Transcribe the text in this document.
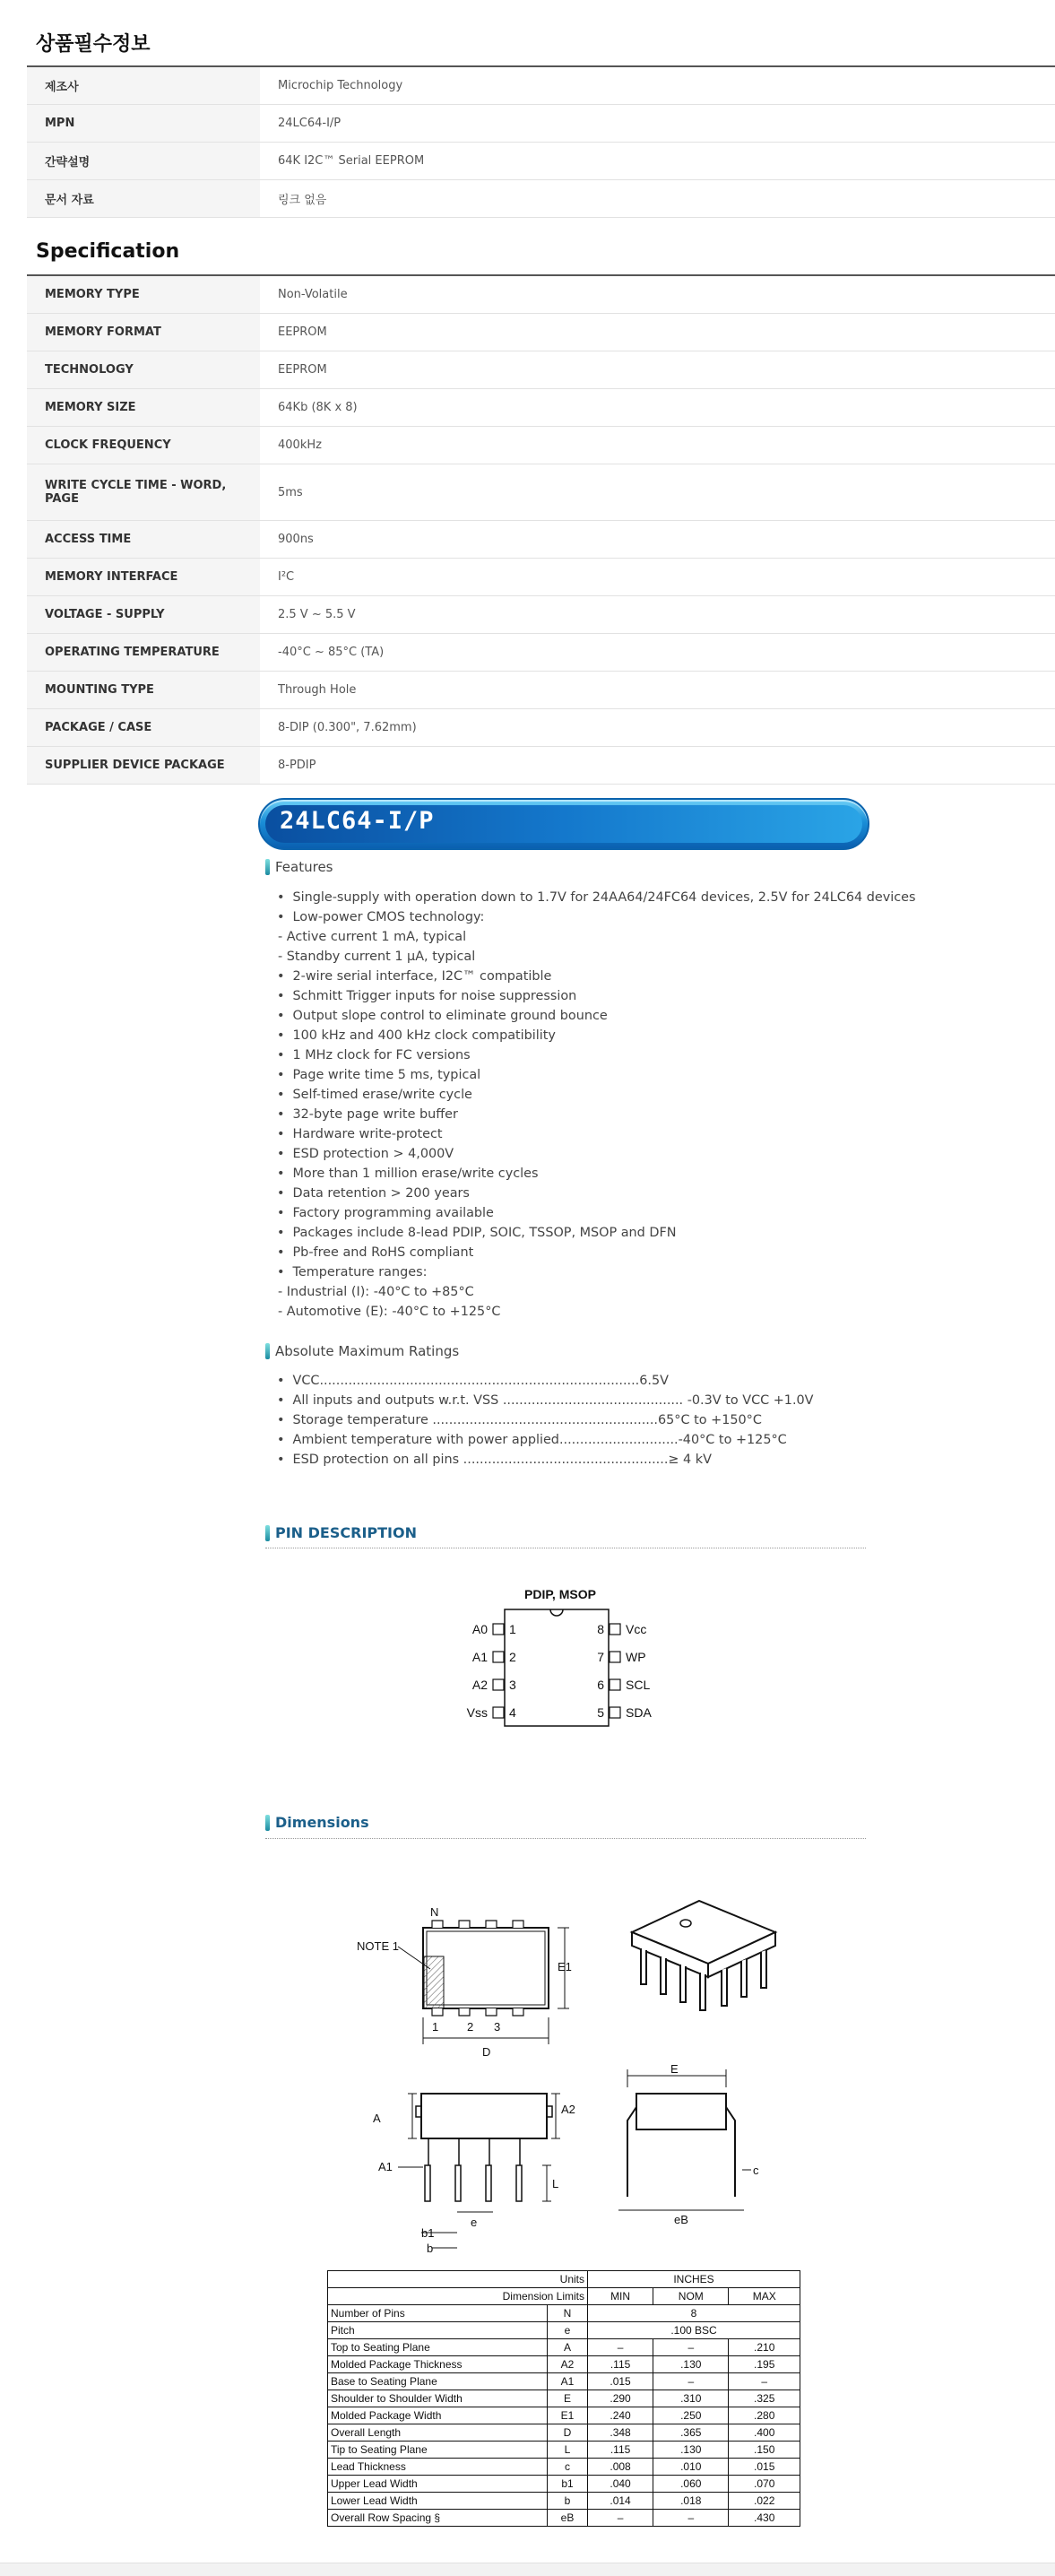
상품필수정보
제조사	Microchip Technology
MPN	24LC64-I/P
간략설명	64K I2C™ Serial EEPROM
문서 자료	링크 없음
Specification
MEMORY TYPE	Non-Volatile
MEMORY FORMAT	EEPROM
TECHNOLOGY	EEPROM
MEMORY SIZE	64Kb (8K x 8)
CLOCK FREQUENCY	400kHz
WRITE CYCLE TIME - WORD, PAGE	5ms
ACCESS TIME	900ns
MEMORY INTERFACE	I²C
VOLTAGE - SUPPLY	2.5 V ~ 5.5 V
OPERATING TEMPERATURE	-40°C ~ 85°C (TA)
MOUNTING TYPE	Through Hole
PACKAGE / CASE	8-DIP (0.300", 7.62mm)
SUPPLIER DEVICE PACKAGE	8-PDIP
24LC64-I/P
Features
• Single-supply with operation down to 1.7V for 24AA64/24FC64 devices, 2.5V for 24LC64 devices
• Low-power CMOS technology:
- Active current 1 mA, typical
- Standby current 1 μA, typical
• 2-wire serial interface, I2C™ compatible
• Schmitt Trigger inputs for noise suppression
• Output slope control to eliminate ground bounce
• 100 kHz and 400 kHz clock compatibility
• 1 MHz clock for FC versions
• Page write time 5 ms, typical
• Self-timed erase/write cycle
• 32-byte page write buffer
• Hardware write-protect
• ESD protection > 4,000V
• More than 1 million erase/write cycles
• Data retention > 200 years
• Factory programming available
• Packages include 8-lead PDIP, SOIC, TSSOP, MSOP and DFN
• Pb-free and RoHS compliant
• Temperature ranges:
- Industrial (I): -40°C to +85°C
- Automotive (E): -40°C to +125°C
Absolute Maximum Ratings
• VCC..............................................................................6.5V
• All inputs and outputs w.r.t. VSS ............................................ -0.3V to VCC +1.0V
• Storage temperature .......................................................65°C to +150°C
• Ambient temperature with power applied.............................-40°C to +125°C
• ESD protection on all pins ..................................................≥ 4 kV
PIN DESCRIPTION
PDIP, MSOP
A0 1
A1 2
A2 3
Vss 4
Vcc
8
WP
7
SCL
6
SDA
5
Dimensions
N
NOTE 1
1 2 3
E1
D
A
A1
A2
L
e
b1
b
E
c
eB
Units		INCHES		
Dimension Limits		MIN	NOM	MAX
Number of Pins	N	8		
Pitch	e	.100 BSC		
Top to Seating Plane	A	–	–	.210
Molded Package Thickness	A2	.115	.130	.195
Base to Seating Plane	A1	.015	–	–
Shoulder to Shoulder Width	E	.290	.310	.325
Molded Package Width	E1	.240	.250	.280
Overall Length	D	.348	.365	.400
Tip to Seating Plane	L	.115	.130	.150
Lead Thickness	c	.008	.010	.015
Upper Lead Width	b1	.040	.060	.070
Lower Lead Width	b	.014	.018	.022
Overall Row Spacing §	eB	–	–	.430
